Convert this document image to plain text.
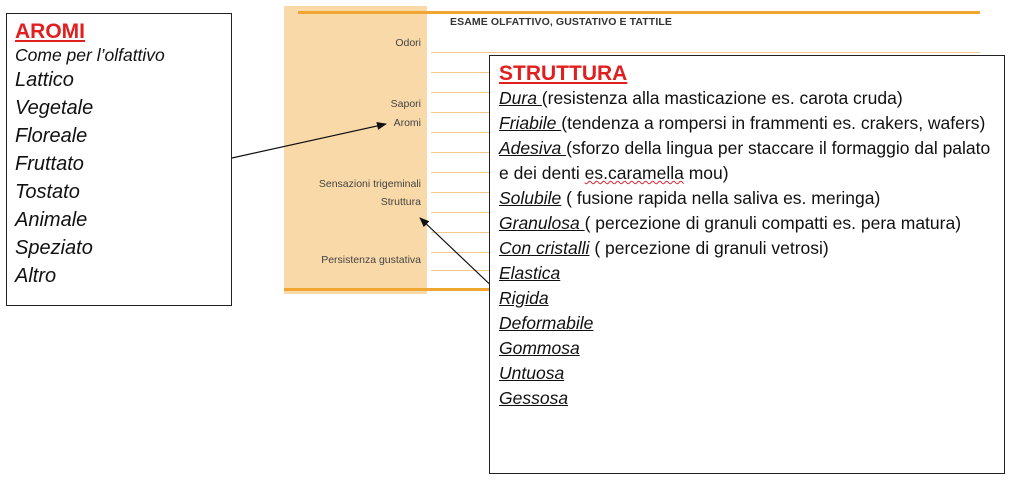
ESAME OLFATTIVO, GUSTATIVO E TATTILE
Odori
Sapori
Aromi
Sensazioni trigeminali
Struttura
Persistenza gustativa
AROMI
Come per l’olfattivo
Lattico
Vegetale
Floreale
Fruttato
Tostato
Animale
Speziato
Altro
STRUTTURA
Dura (resistenza alla masticazione es. carota cruda)
Friabile (tendenza a rompersi in frammenti es. crakers, wafers)
Adesiva (sforzo della lingua per staccare il formaggio dal palato e dei denti es.caramella mou)
Solubile ( fusione rapida nella saliva es. meringa)
Granulosa ( percezione di granuli compatti es. pera matura)
Con cristalli ( percezione di granuli vetrosi)
Elastica
Rigida
Deformabile
Gommosa
Untuosa
Gessosa
